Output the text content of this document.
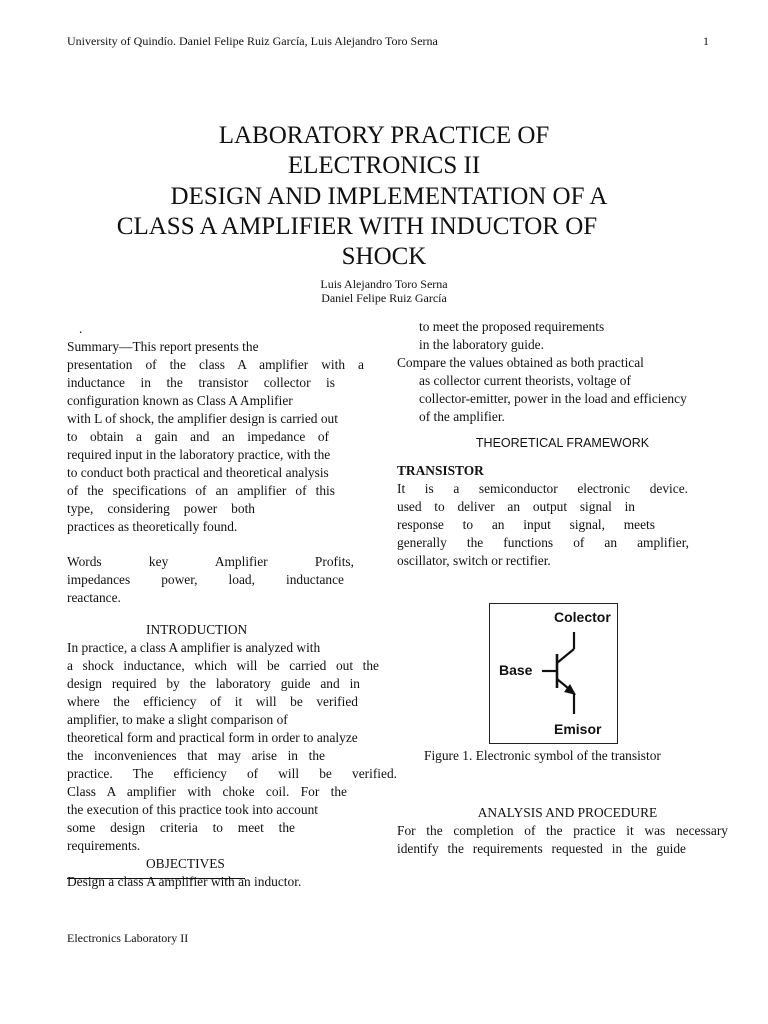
University of Quindío. Daniel Felipe Ruiz García, Luis Alejandro Toro Serna	1
LABORATORY PRACTICE OF
ELECTRONICS II
DESIGN AND IMPLEMENTATION OF A
CLASS A AMPLIFIER WITH INDUCTOR OF
SHOCK
Luis Alejandro Toro Serna
Daniel Felipe Ruiz García
.
Summary—This report presents the
presentation of the class A amplifier with a
inductance in the transistor collector is
configuration known as Class A Amplifier
with L of shock, the amplifier design is carried out
to obtain a gain and an impedance of
required input in the laboratory practice, with the
to conduct both practical and theoretical analysis
of the specifications of an amplifier of this
type, considering power both
practices as theoretically found.
Words key Amplifier Profits,
impedances power, load, inductance
reactance.
INTRODUCTION
In practice, a class A amplifier is analyzed with
a shock inductance, which will be carried out the
design required by the laboratory guide and in
where the efficiency of it will be verified
amplifier, to make a slight comparison of
theoretical form and practical form in order to analyze
the inconveniences that may arise in the
practice. The efficiency of will be verified.
Class A amplifier with choke coil. For the
the execution of this practice took into account
some design criteria to meet the
requirements.
OBJECTIVES
Design a class A amplifier with an inductor.
to meet the proposed requirements
in the laboratory guide.
Compare the values obtained as both practical
as collector current theorists, voltage of
collector-emitter, power in the load and efficiency
of the amplifier.
THEORETICAL FRAMEWORK
TRANSISTOR
It is a semiconductor electronic device.
used to deliver an output signal in
response to an input signal, meets
generally the functions of an amplifier,
oscillator, switch or rectifier.
Colector
Base
Emisor
Figure 1. Electronic symbol of the transistor
ANALYSIS AND PROCEDURE
For the completion of the practice it was necessary
identify the requirements requested in the guide
Electronics Laboratory II
